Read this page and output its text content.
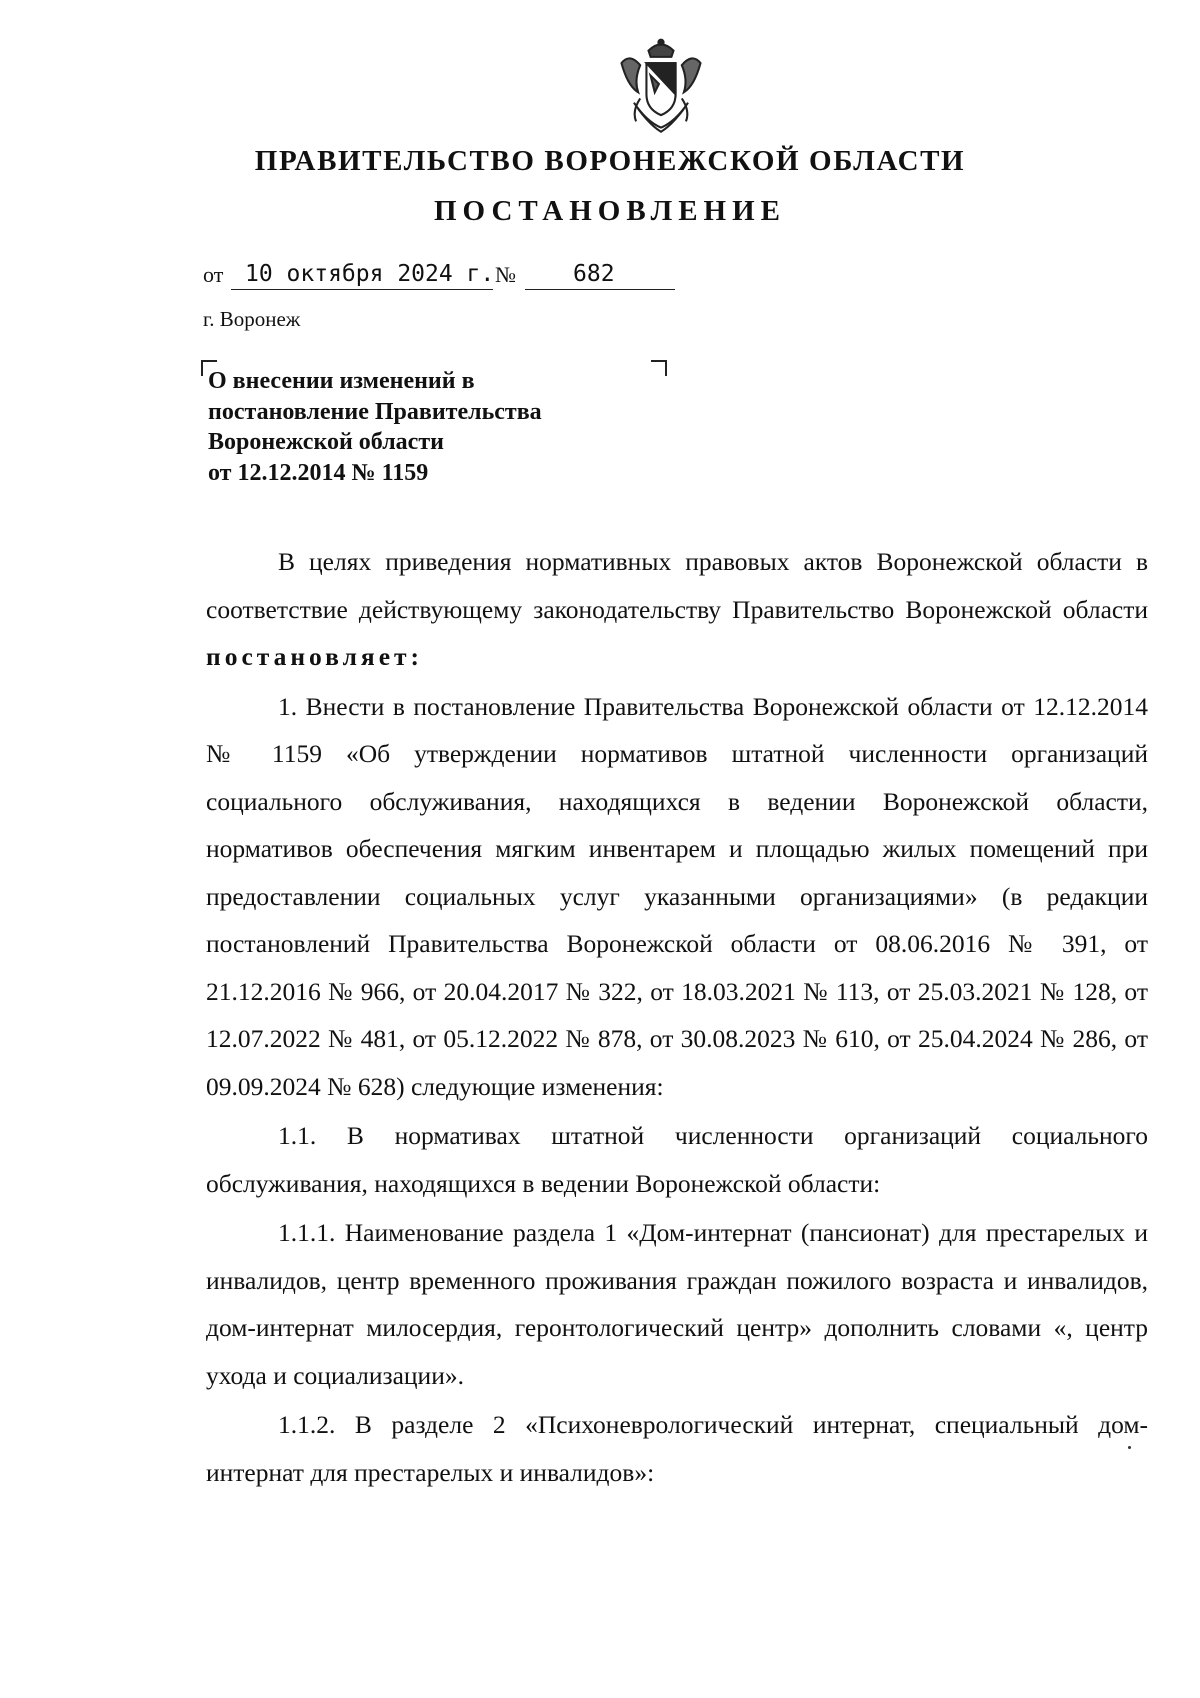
ПРАВИТЕЛЬСТВО ВОРОНЕЖСКОЙ ОБЛАСТИ
ПОСТАНОВЛЕНИЕ
от 10 октября 2024 г. №	682
г. Воронеж
О внесении изменений в
постановление Правительства
Воронежской области
от 12.12.2014 № 1159

В целях приведения нормативных правовых актов Воронежской области в соответствие действующему законодательству Правительство Воронежской области постановляет:

1. Внести в постановление Правительства Воронежской области от 12.12.2014 № 1159 «Об утверждении нормативов штатной численности организаций социального обслуживания, находящихся в ведении Воронежской области, нормативов обеспечения мягким инвентарем и площадью жилых помещений при предоставлении социальных услуг указанными организациями» (в редакции постановлений Правительства Воронежской области от 08.06.2016 № 391, от 21.12.2016 № 966, от 20.04.2017 № 322, от 18.03.2021 № 113, от 25.03.2021 № 128, от 12.07.2022 № 481, от 05.12.2022 № 878, от 30.08.2023 № 610, от 25.04.2024 № 286, от 09.09.2024 № 628) следующие изменения:

1.1. В нормативах штатной численности организаций социального обслуживания, находящихся в ведении Воронежской области:

1.1.1. Наименование раздела 1 «Дом-интернат (пансионат) для престарелых и инвалидов, центр временного проживания граждан пожилого возраста и инвалидов, дом-интернат милосердия, геронтологический центр» дополнить словами «, центр ухода и социализации».

1.1.2. В разделе 2 «Психоневрологический интернат, специальный дом-интернат для престарелых и инвалидов»:
